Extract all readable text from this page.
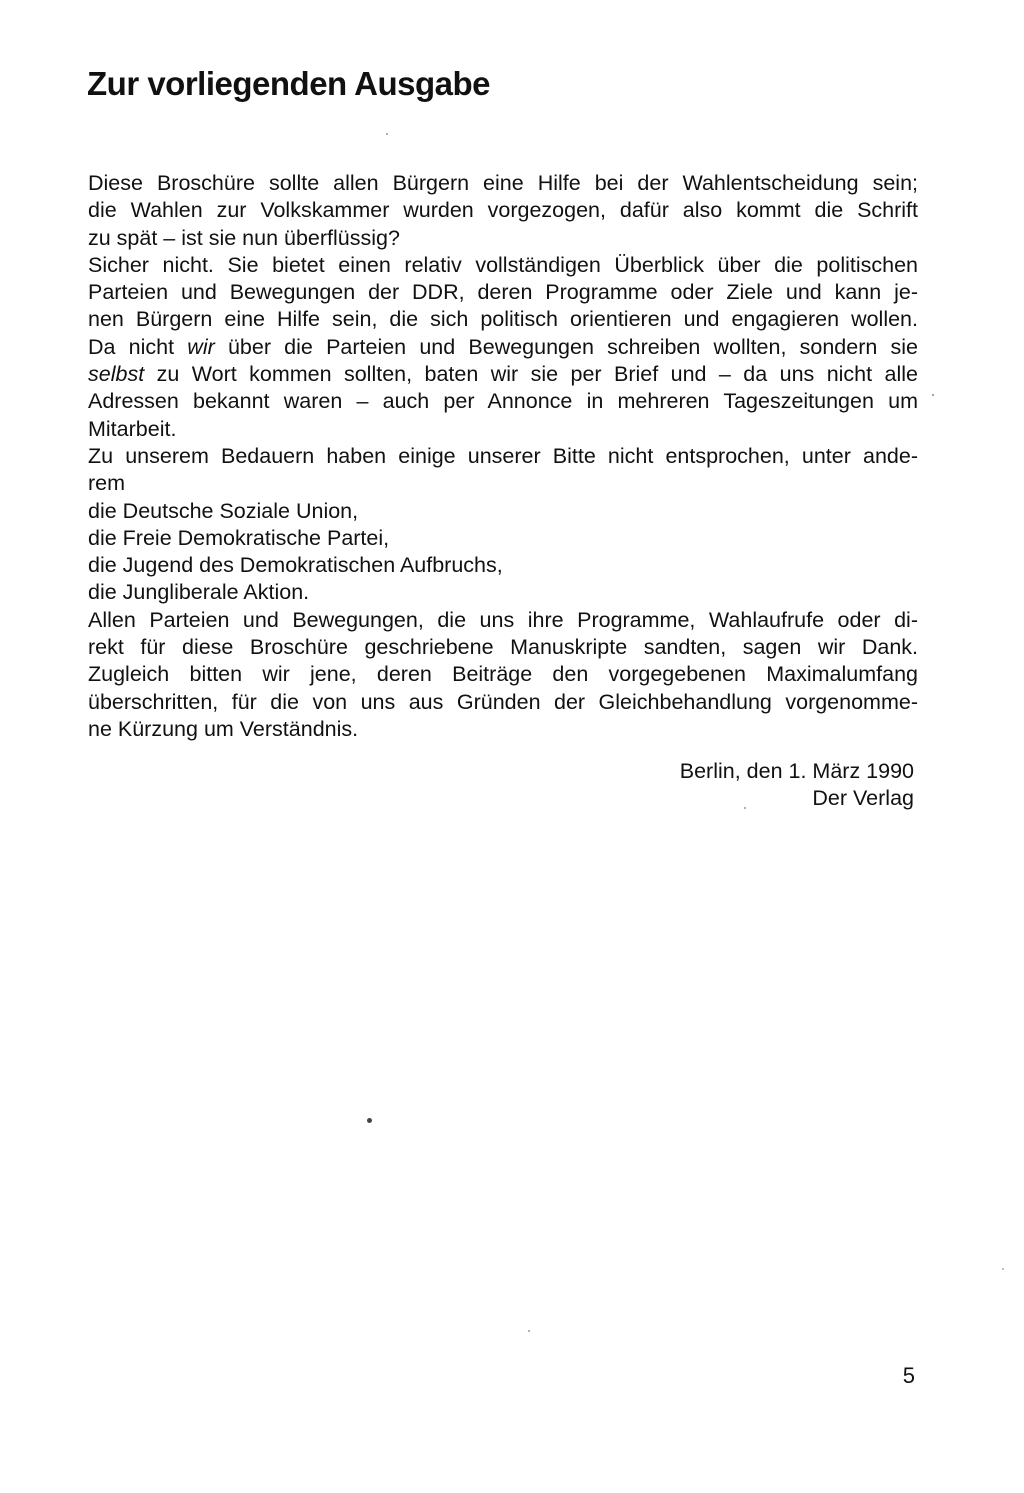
Zur vorliegenden Ausgabe
Diese Broschüre sollte allen Bürgern eine Hilfe bei der Wahlentscheidung sein;
die Wahlen zur Volkskammer wurden vorgezogen, dafür also kommt die Schrift
zu spät – ist sie nun überflüssig?
Sicher nicht. Sie bietet einen relativ vollständigen Überblick über die politischen
Parteien und Bewegungen der DDR, deren Programme oder Ziele und kann je-
nen Bürgern eine Hilfe sein, die sich politisch orientieren und engagieren wollen.
Da nicht wir über die Parteien und Bewegungen schreiben wollten, sondern sie
selbst zu Wort kommen sollten, baten wir sie per Brief und – da uns nicht alle
Adressen bekannt waren – auch per Annonce in mehreren Tageszeitungen um
Mitarbeit.
Zu unserem Bedauern haben einige unserer Bitte nicht entsprochen, unter ande-
rem
die Deutsche Soziale Union,
die Freie Demokratische Partei,
die Jugend des Demokratischen Aufbruchs,
die Jungliberale Aktion.
Allen Parteien und Bewegungen, die uns ihre Programme, Wahlaufrufe oder di-
rekt für diese Broschüre geschriebene Manuskripte sandten, sagen wir Dank.
Zugleich bitten wir jene, deren Beiträge den vorgegebenen Maximalumfang
überschritten, für die von uns aus Gründen der Gleichbehandlung vorgenomme-
ne Kürzung um Verständnis.
Berlin, den 1. März 1990
Der Verlag
5
